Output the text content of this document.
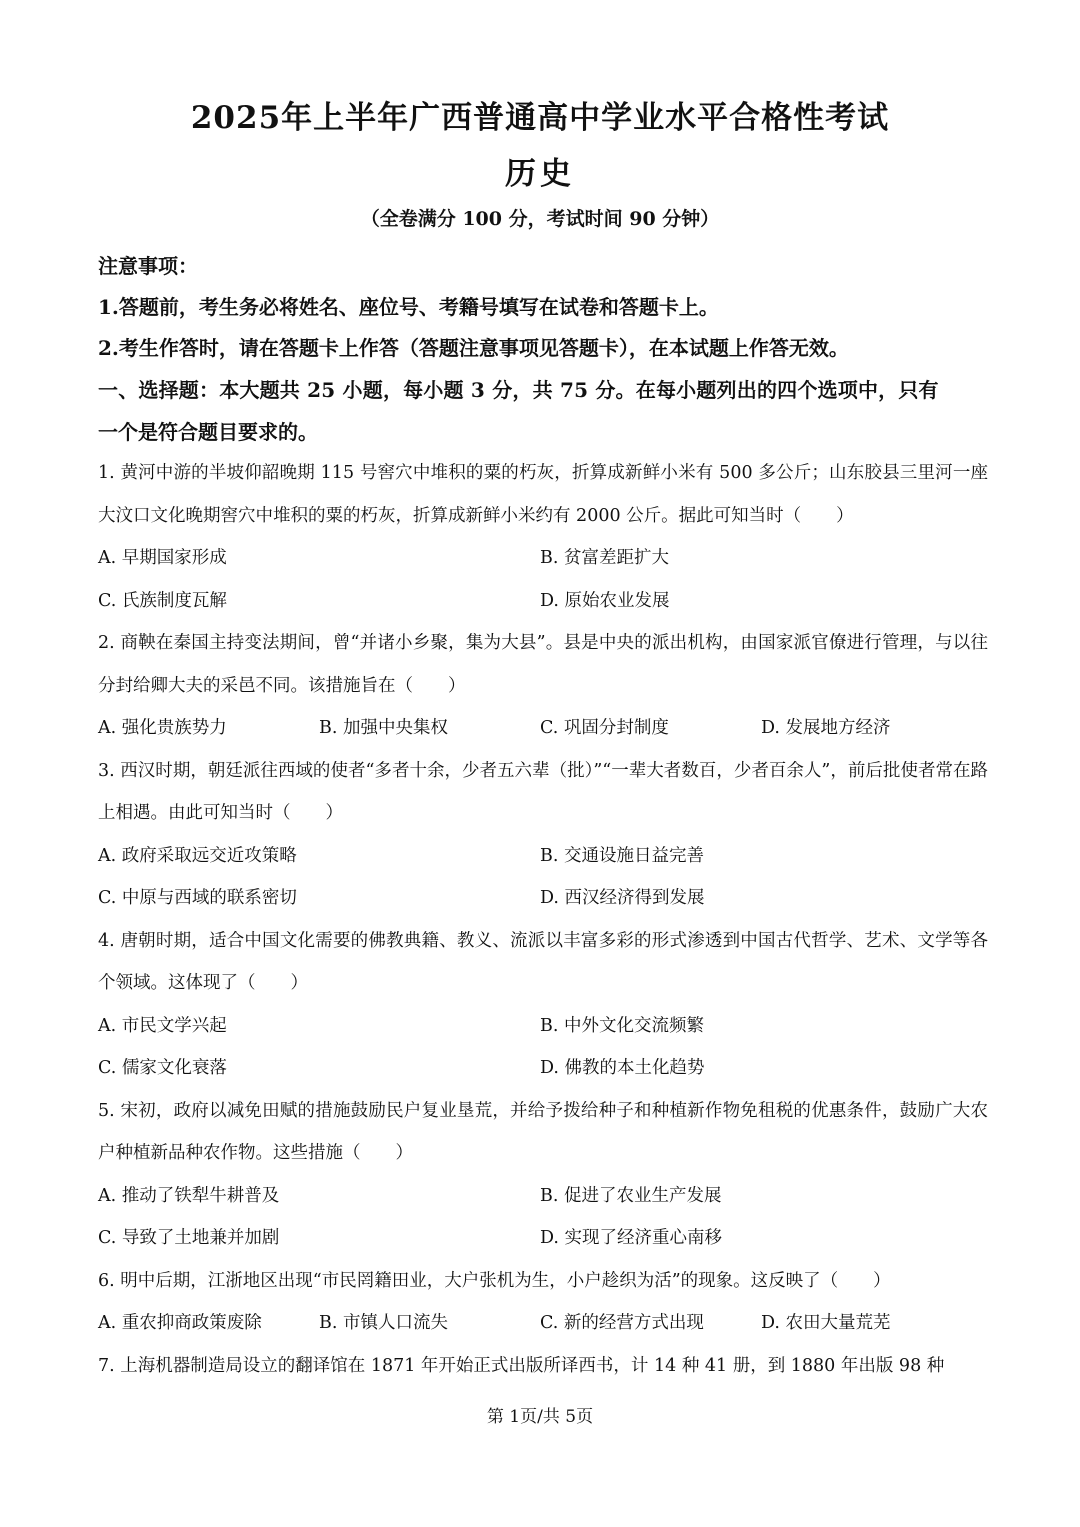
2025年上半年广西普通高中学业水平合格性考试
历史
（全卷满分 100 分，考试时间 90 分钟）
注意事项：
1.答题前，考生务必将姓名、座位号、考籍号填写在试卷和答题卡上。
2.考生作答时，请在答题卡上作答（答题注意事项见答题卡），在本试题上作答无效。
一、选择题：本大题共 25 小题，每小题 3 分，共 75 分。在每小题列出的四个选项中，只有
一个是符合题目要求的。
1. 黄河中游的半坡仰韶晚期 115 号窖穴中堆积的粟的朽灰，折算成新鲜小米有 500 多公斤；山东胶县三里河一座大汶口文化晚期窖穴中堆积的粟的朽灰，折算成新鲜小米约有 2000 公斤。据此可知当时（　　）
A. 早期国家形成	B. 贫富差距扩大
C. 氏族制度瓦解	D. 原始农业发展
2. 商鞅在秦国主持变法期间，曾“并诸小乡聚，集为大县”。县是中央的派出机构，由国家派官僚进行管理，与以往分封给卿大夫的采邑不同。该措施旨在（　　）
A. 强化贵族势力	B. 加强中央集权	C. 巩固分封制度	D. 发展地方经济
3. 西汉时期，朝廷派往西域的使者“多者十余，少者五六辈（批）”“一辈大者数百，少者百余人”，前后批使者常在路上相遇。由此可知当时（　　）
A. 政府采取远交近攻策略	B. 交通设施日益完善
C. 中原与西域的联系密切	D. 西汉经济得到发展
4. 唐朝时期，适合中国文化需要的佛教典籍、教义、流派以丰富多彩的形式渗透到中国古代哲学、艺术、文学等各个领域。这体现了（　　）
A. 市民文学兴起	B. 中外文化交流频繁
C. 儒家文化衰落	D. 佛教的本土化趋势
5. 宋初，政府以减免田赋的措施鼓励民户复业垦荒，并给予拨给种子和种植新作物免租税的优惠条件，鼓励广大农户种植新品种农作物。这些措施（　　）
A. 推动了铁犁牛耕普及	B. 促进了农业生产发展
C. 导致了土地兼并加剧	D. 实现了经济重心南移
6. 明中后期，江浙地区出现“市民罔籍田业，大户张机为生，小户趁织为活”的现象。这反映了（　　）
A. 重农抑商政策废除	B. 市镇人口流失	C. 新的经营方式出现	D. 农田大量荒芜
7. 上海机器制造局设立的翻译馆在 1871 年开始正式出版所译西书，计 14 种 41 册，到 1880 年出版 98 种
第 1页/共 5页
